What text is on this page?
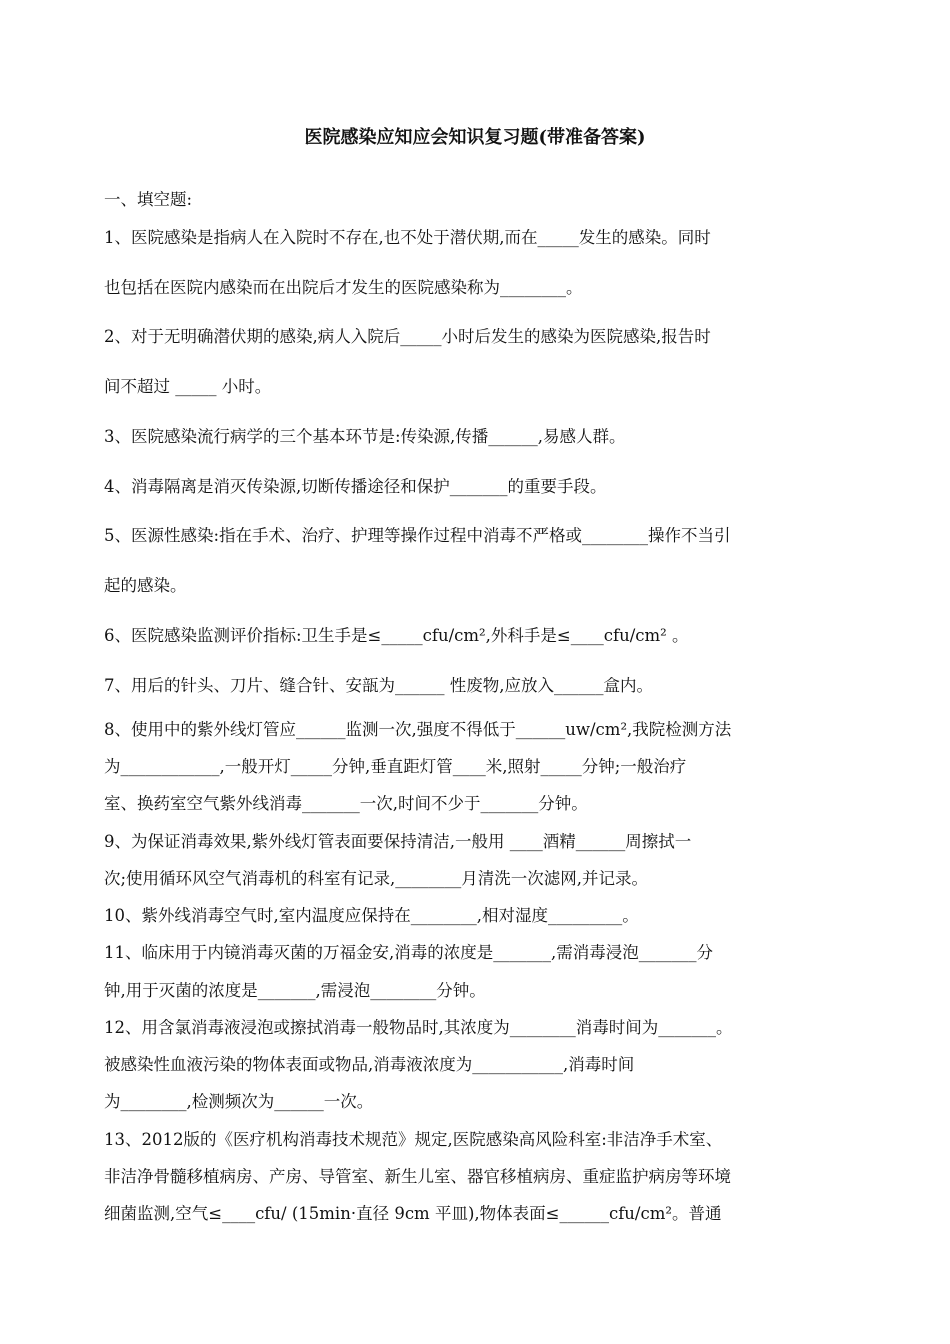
医院感染应知应会知识复习题(带准备答案)
一、填空题:
1、医院感染是指病人在入院时不存在,也不处于潜伏期,而在_____发生的感染。同时
也包括在医院内感染而在出院后才发生的医院感染称为________。
2、对于无明确潜伏期的感染,病人入院后_____小时后发生的感染为医院感染,报告时
间不超过 _____ 小时。
3、医院感染流行病学的三个基本环节是:传染源,传播______,易感人群。
4、消毒隔离是消灭传染源,切断传播途径和保护_______的重要手段。
5、医源性感染:指在手术、治疗、护理等操作过程中消毒不严格或________操作不当引
起的感染。
6、医院感染监测评价指标:卫生手是≤_____cfu/cm²,外科手是≤____cfu/cm² 。
7、用后的针头、刀片、缝合针、安瓿为______ 性废物,应放入______盒内。
8、使用中的紫外线灯管应______监测一次,强度不得低于______uw/cm²,我院检测方法
为____________,一般开灯_____分钟,垂直距灯管____米,照射_____分钟;一般治疗
室、换药室空气紫外线消毒_______一次,时间不少于_______分钟。
9、为保证消毒效果,紫外线灯管表面要保持清洁,一般用 ____酒精______周擦拭一
次;使用循环风空气消毒机的科室有记录,________月清洗一次滤网,并记录。
10、紫外线消毒空气时,室内温度应保持在________,相对湿度_________。
11、临床用于内镜消毒灭菌的万福金安,消毒的浓度是_______,需消毒浸泡_______分
钟,用于灭菌的浓度是_______,需浸泡________分钟。
12、用含氯消毒液浸泡或擦拭消毒一般物品时,其浓度为________消毒时间为_______。
被感染性血液污染的物体表面或物品,消毒液浓度为___________,消毒时间
为________,检测频次为______一次。
13、2012版的《医疗机构消毒技术规范》规定,医院感染高风险科室:非洁净手术室、
非洁净骨髓移植病房、产房、导管室、新生儿室、器官移植病房、重症监护病房等环境
细菌监测,空气≤____cfu/ (15min·直径 9cm 平皿),物体表面≤______cfu/cm²。普通
